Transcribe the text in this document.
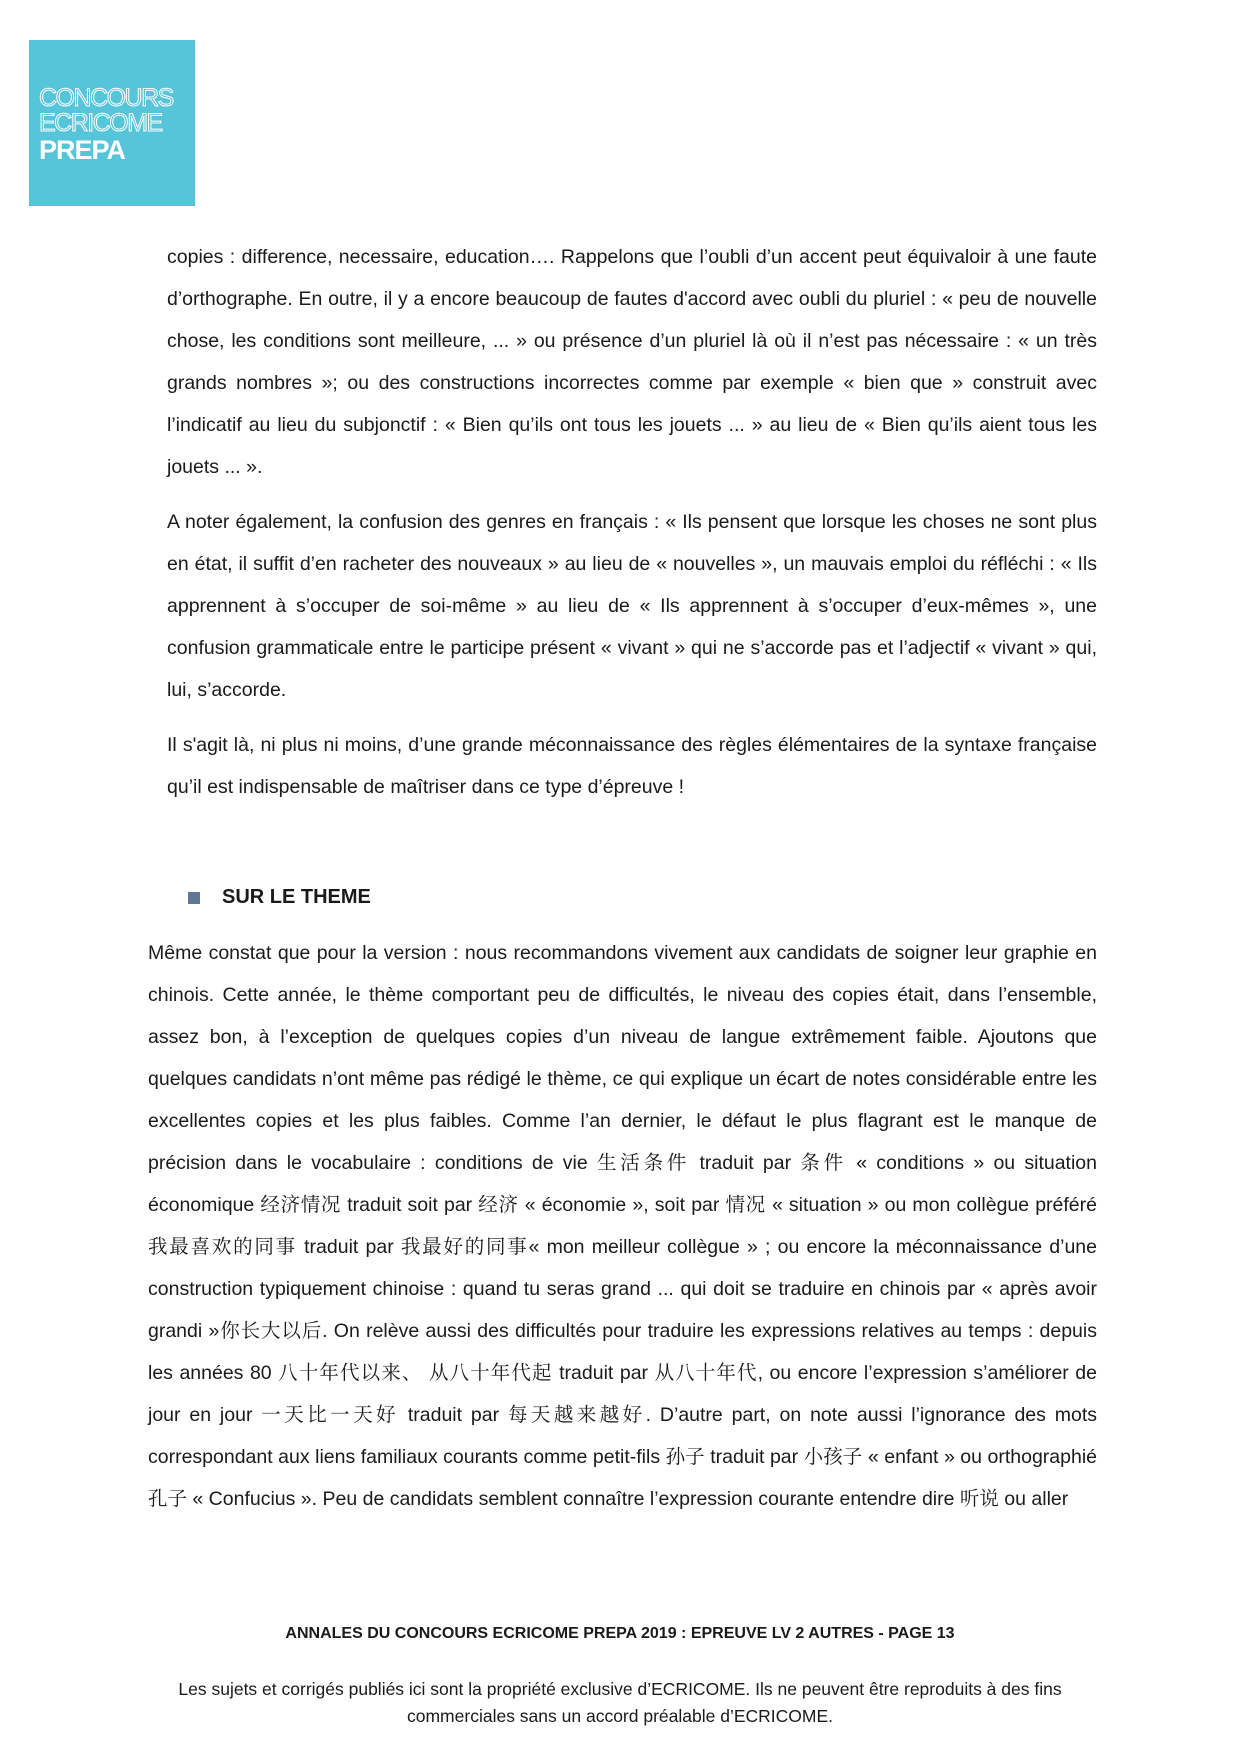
CONCOURS
ECRICOME
PREPA

copies : difference, necessaire, education…. Rappelons que l’oubli d’un accent peut équivaloir à une faute d’orthographe. En outre, il y a encore beaucoup de fautes d'accord avec oubli du pluriel : « peu de nouvelle chose, les conditions sont meilleure, ... » ou présence d’un pluriel là où il n’est pas nécessaire : « un très grands nombres »; ou des constructions incorrectes comme par exemple « bien que » construit avec l’indicatif au lieu du subjonctif : « Bien qu’ils ont tous les jouets ... » au lieu de « Bien qu’ils aient tous les jouets ... ».

A noter également, la confusion des genres en français : « Ils pensent que lorsque les choses ne sont plus en état, il suffit d’en racheter des nouveaux » au lieu de « nouvelles », un mauvais emploi du réfléchi : « Ils apprennent à s’occuper de soi-même » au lieu de « Ils apprennent à s’occuper d’eux-mêmes », une confusion grammaticale entre le participe présent « vivant » qui ne s’accorde pas et l’adjectif « vivant » qui, lui, s’accorde.

Il s'agit là, ni plus ni moins, d’une grande méconnaissance des règles élémentaires de la syntaxe française qu’il est indispensable de maîtriser dans ce type d’épreuve !

SUR LE THEME

Même constat que pour la version : nous recommandons vivement aux candidats de soigner leur graphie en chinois. Cette année, le thème comportant peu de difficultés, le niveau des copies était, dans l’ensemble, assez bon, à l’exception de quelques copies d’un niveau de langue extrêmement faible. Ajoutons que quelques candidats n’ont même pas rédigé le thème, ce qui explique un écart de notes considérable entre les excellentes copies et les plus faibles. Comme l’an dernier, le défaut le plus flagrant est le manque de précision dans le vocabulaire : conditions de vie 生活条件 traduit par 条件 « conditions » ou situation économique 经济情况 traduit soit par 经济 « économie », soit par 情况 « situation » ou mon collègue préféré 我最喜欢的同事 traduit par 我最好的同事« mon meilleur collègue » ; ou encore la méconnaissance d’une construction typiquement chinoise : quand tu seras grand ... qui doit se traduire en chinois par « après avoir grandi »你长大以后. On relève aussi des difficultés pour traduire les expressions relatives au temps : depuis les années 80 八十年代以来、 从八十年代起 traduit par 从八十年代, ou encore l’expression s’améliorer de jour en jour 一天比一天好 traduit par 每天越来越好. D’autre part, on note aussi l’ignorance des mots correspondant aux liens familiaux courants comme petit-fils 孙子 traduit par 小孩子 « enfant » ou orthographié 孔子 « Confucius ». Peu de candidats semblent connaître l’expression courante entendre dire 听说 ou aller

ANNALES DU CONCOURS ECRICOME PREPA 2019 : EPREUVE LV 2 AUTRES - PAGE 13

Les sujets et corrigés publiés ici sont la propriété exclusive d’ECRICOME. Ils ne peuvent être reproduits à des fins commerciales sans un accord préalable d’ECRICOME.
